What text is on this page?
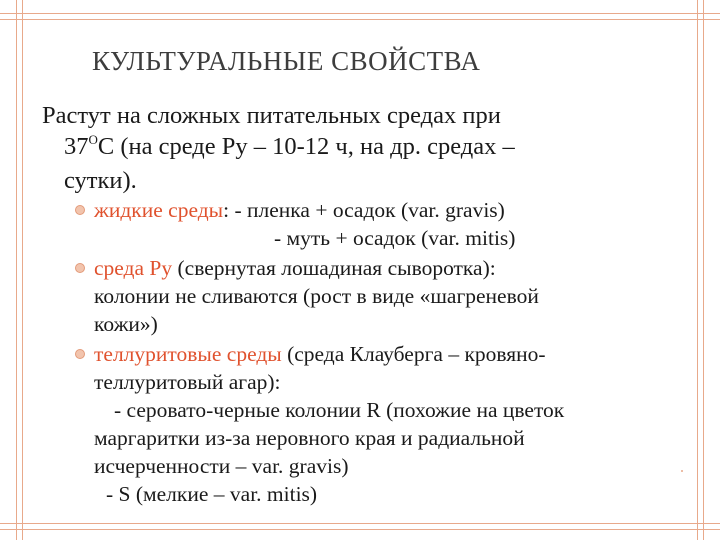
КУЛЬТУРАЛЬНЫЕ СВОЙСТВА
Растут на сложных питательных средах при
$37^ОС$ (на среде Ру – 10-12 ч, на др. средах –
сутки).
жидкие среды: - пленка + осадок (var. gravis)
- муть + осадок (var. mitis)
среда Ру (свернутая лошадиная сыворотка):
колонии не сливаются (рост в виде «шагреневой
кожи»)
теллуритовые среды (среда Клауберга – кровяно-
теллуритовый агар):
- серовато-черные колонии R (похожие на цветок
маргаритки из-за неровного края и радиальной
исчерченности – var. gravis)
- S (мелкие – var. mitis)
